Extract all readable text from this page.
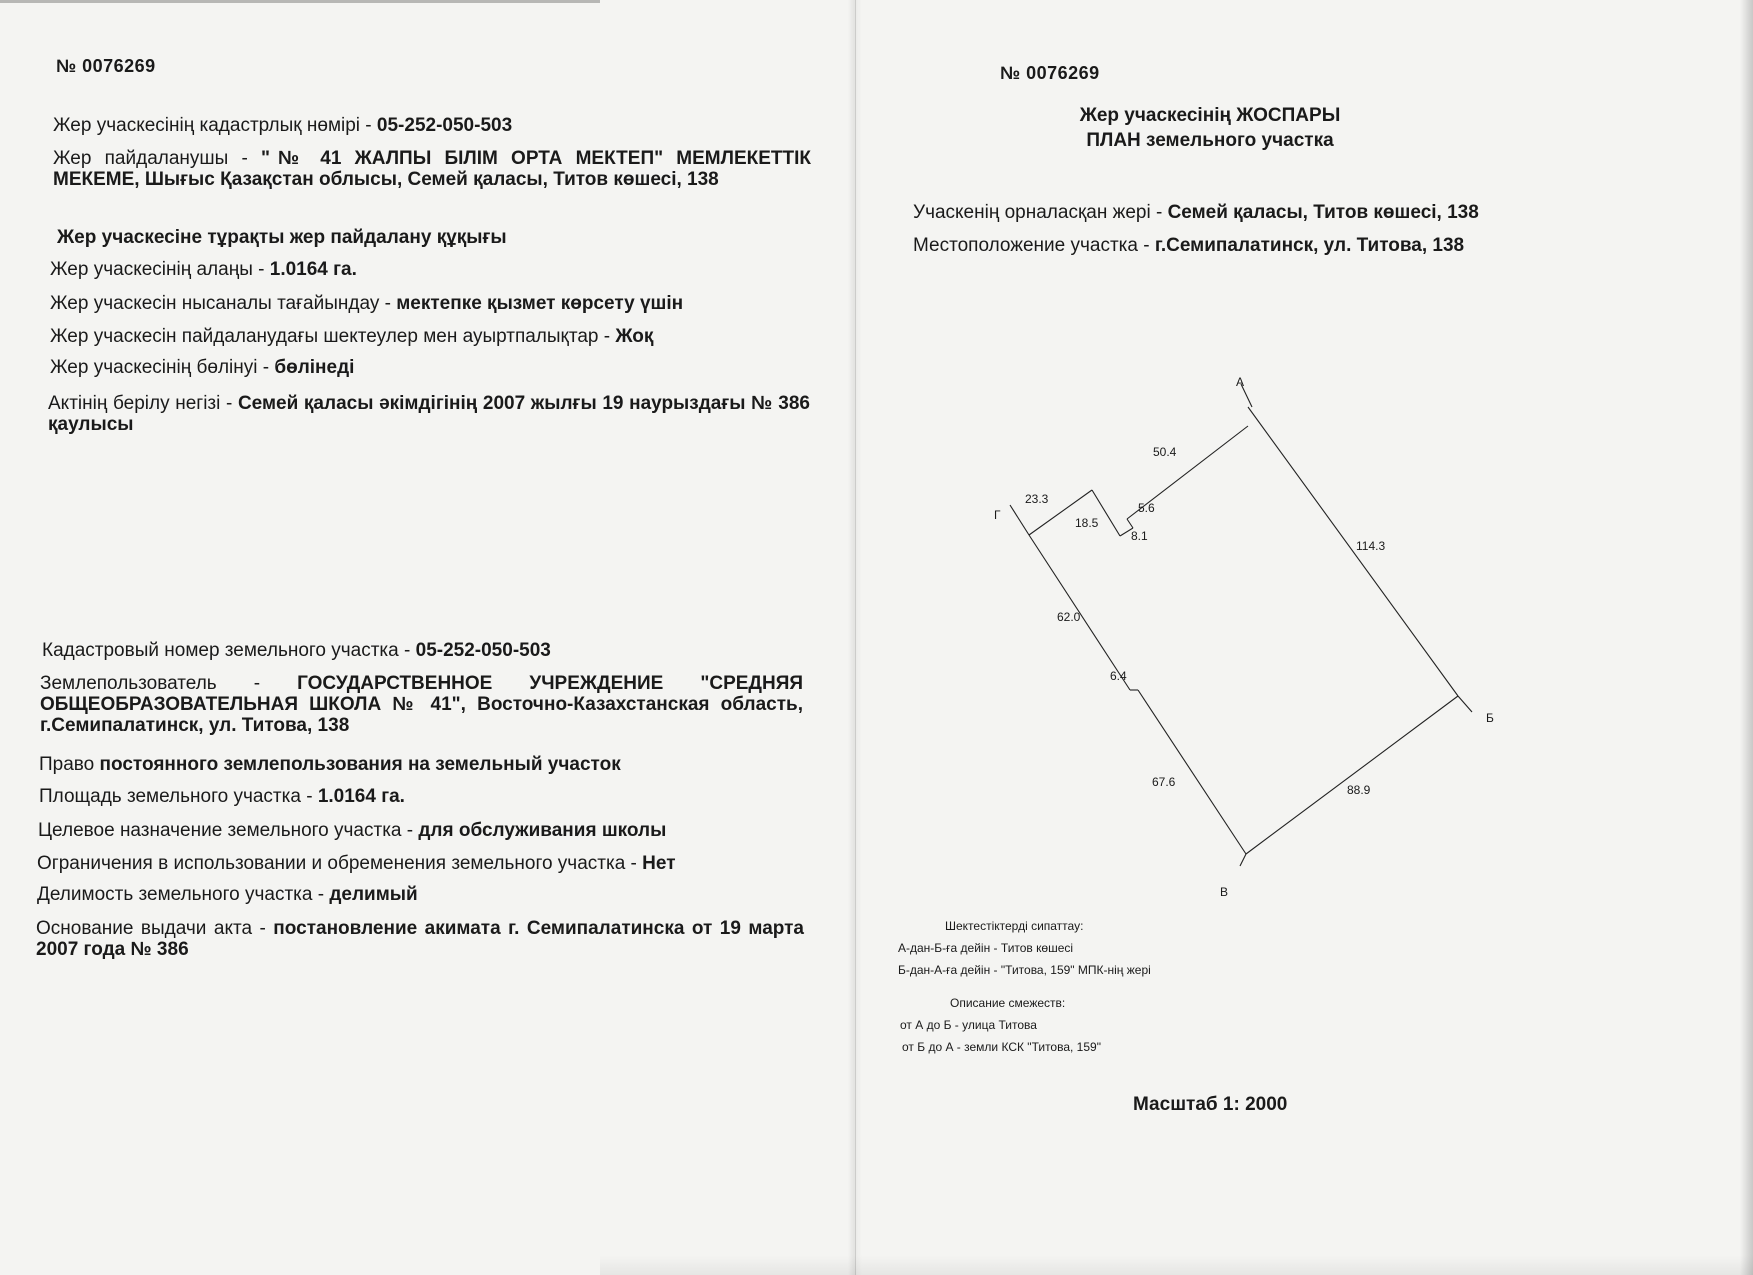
№ 0076269
Жер учаскесінің кадастрлық нөмірі - 05-252-050-503
Жер пайдаланушы - "№ 41 ЖАЛПЫ БІЛІМ ОРТА МЕКТЕП" МЕМЛЕКЕТТІК МЕКЕМЕ, Шығыс Қазақстан облысы, Семей қаласы, Титов көшесі, 138
Жер учаскесіне тұрақты жер пайдалану құқығы
Жер учаскесінің алаңы - 1.0164 га.
Жер учаскесін нысаналы тағайындау - мектепке қызмет көрсету үшін
Жер учаскесін пайдаланудағы шектеулер мен ауыртпалықтар - Жоқ
Жер учаскесінің бөлінуі - бөлінеді
Актінің берілу негізі - Семей қаласы әкімдігінің 2007 жылғы 19 наурыздағы № 386 қаулысы
Кадастровый номер земельного участка - 05-252-050-503
Землепользователь - ГОСУДАРСТВЕННОЕ УЧРЕЖДЕНИЕ "СРЕДНЯЯ ОБЩЕОБРАЗОВАТЕЛЬНАЯ ШКОЛА № 41", Восточно-Казахстанская область, г.Семипалатинск, ул. Титова, 138
Право постоянного землепользования на земельный участок
Площадь земельного участка - 1.0164 га.
Целевое назначение земельного участка - для обслуживания школы
Ограничения в использовании и обременения земельного участка - Нет
Делимость земельного участка - делимый
Основание выдачи акта - постановление акимата г. Семипалатинска от 19 марта 2007 года № 386
№ 0076269
Жер учаскесінің ЖОСПАРЫ
ПЛАН земельного участка
Учаскенің орналасқан жері - Семей қаласы, Титов көшесі, 138
Местоположение участка - г.Семипалатинск, ул. Титова, 138
А
Б
В
Г
50.4
114.3
88.9
67.6
6.4
62.0
23.3
18.5
8.1
5.6
Шектестіктерді сипаттау:
А-дан-Б-ға дейін - Титов көшесі
Б-дан-А-ға дейін - "Титова, 159" МПК-нің жері
Описание смежеств:
от А до Б - улица Титова
от Б до А - земли КСК "Титова, 159"
Масштаб 1: 2000
